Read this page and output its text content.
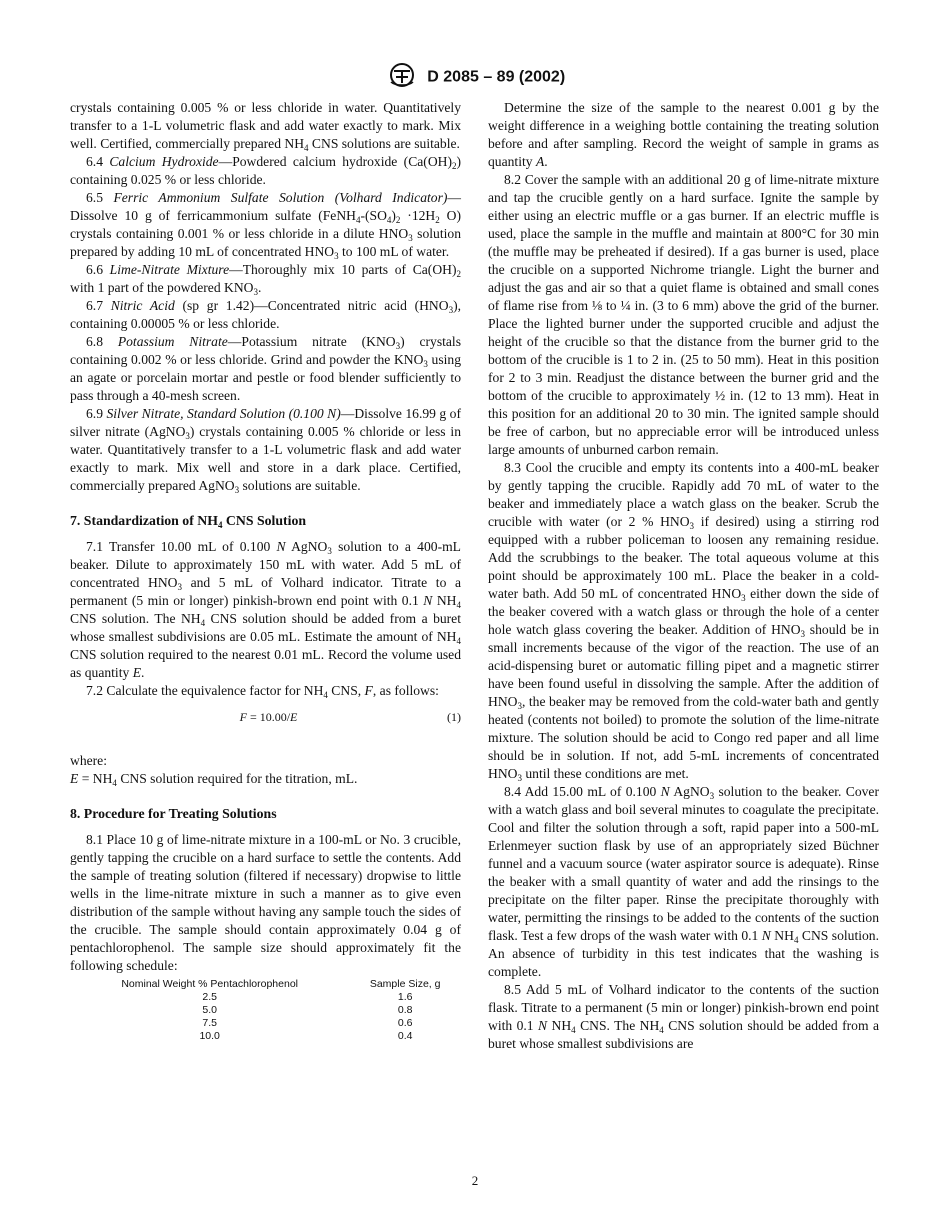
D 2085 – 89 (2002)

crystals containing 0.005 % or less chloride in water. Quantitatively transfer to a 1-L volumetric flask and add water exactly to mark. Mix well. Certified, commercially prepared $NH_4$ CNS solutions are suitable.

6.4 Calcium Hydroxide—Powdered calcium hydroxide $(Ca(OH)_2)$ containing 0.025 % or less chloride.

6.5 Ferric Ammonium Sulfate Solution (Volhard Indicator)—Dissolve 10 g of ferricammonium sulfate ($FeNH_4-(SO_4)_2 \cdot 12H_2$ O) crystals containing 0.001 % or less chloride in a dilute $HNO_3$ solution prepared by adding 10 mL of concentrated $HNO_3$ to 100 mL of water.

6.6 Lime-Nitrate Mixture—Thoroughly mix 10 parts of $Ca(OH)_2$ with 1 part of the powdered $KNO_3$.

6.7 Nitric Acid (sp gr 1.42)—Concentrated nitric acid $(HNO_3)$, containing 0.00005 % or less chloride.

6.8 Potassium Nitrate—Potassium nitrate $(KNO_3)$ crystals containing 0.002 % or less chloride. Grind and powder the $KNO_3$ using an agate or porcelain mortar and pestle or food blender sufficiently to pass through a 40-mesh screen.

6.9 Silver Nitrate, Standard Solution (0.100 N)—Dissolve 16.99 g of silver nitrate (AgNO$_3$) crystals containing 0.005 % chloride or less in water. Quantitatively transfer to a 1-L volumetric flask and add water exactly to mark. Mix well and store in a dark place. Certified, commercially prepared AgNO$_3$ solutions are suitable.

7. Standardization of $NH_4$ CNS Solution

7.1 Transfer 10.00 mL of 0.100 N AgNO$_3$ solution to a 400-mL beaker. Dilute to approximately 150 mL with water. Add 5 mL of concentrated $HNO_3$ and 5 mL of Volhard indicator. Titrate to a permanent (5 min or longer) pinkish-brown end point with 0.1 N $NH_4$ CNS solution. The $NH_4$ CNS solution should be added from a buret whose smallest subdivisions are 0.05 mL. Estimate the amount of $NH_4$ CNS solution required to the nearest 0.01 mL. Record the volume used as quantity E.

7.2 Calculate the equivalence factor for $NH_4$ CNS, F, as follows:

F = 10.00/E	(1)

where:

$E = NH_4$ CNS solution required for the titration, mL.

8. Procedure for Treating Solutions

8.1 Place 10 g of lime-nitrate mixture in a 100-mL or No. 3 crucible, gently tapping the crucible on a hard surface to settle the contents. Add the sample of treating solution (filtered if necessary) dropwise to little wells in the lime-nitrate mixture in such a manner as to give even distribution of the sample without having any sample touch the sides of the crucible. The sample should contain approximately 0.04 g of pentachlorophenol. The sample size should approximately fit the following schedule:

Nominal Weight % Pentachlorophenol	Sample Size, g
2.5	1.6
5.0	0.8
7.5	0.6
10.0	0.4

Determine the size of the sample to the nearest 0.001 g by the weight difference in a weighing bottle containing the treating solution before and after sampling. Record the weight of sample in grams as quantity A.

8.2 Cover the sample with an additional 20 g of lime-nitrate mixture and tap the crucible gently on a hard surface. Ignite the sample by either using an electric muffle or a gas burner. If an electric muffle is used, place the sample in the muffle and maintain at 800°C for 30 min (the muffle may be preheated if desired). If a gas burner is used, place the crucible on a supported Nichrome triangle. Light the burner and adjust the gas and air so that a quiet flame is obtained and small cones of flame rise from ⅛ to ¼ in. (3 to 6 mm) above the grid of the burner. Place the lighted burner under the supported crucible and adjust the height of the crucible so that the distance from the burner grid to the bottom of the crucible is 1 to 2 in. (25 to 50 mm). Heat in this position for 2 to 3 min. Readjust the distance between the burner grid and the bottom of the crucible to approximately ½ in. (12 to 13 mm). Heat in this position for an additional 20 to 30 min. The ignited sample should be free of carbon, but no appreciable error will be introduced unless large amounts of unburned carbon remain.

8.3 Cool the crucible and empty its contents into a 400-mL beaker by gently tapping the crucible. Rapidly add 70 mL of water to the beaker and immediately place a watch glass on the beaker. Scrub the crucible with water (or 2 % $HNO_3$ if desired) using a stirring rod equipped with a rubber policeman to loosen any remaining residue. Add the scrubbings to the beaker. The total aqueous volume at this point should be approximately 100 mL. Place the beaker in a cold-water bath. Add 50 mL of concentrated $HNO_3$ either down the side of the beaker covered with a watch glass or through the hole of a center hole watch glass covering the beaker. Addition of $HNO_3$ should be in small increments because of the vigor of the reaction. The use of an acid-dispensing buret or automatic filling pipet and a magnetic stirrer have been found useful in dissolving the sample. After the addition of $HNO_3$, the beaker may be removed from the cold-water bath and gently heated (contents not boiled) to promote the solution of the lime-nitrate mixture. The solution should be acid to Congo red paper and all lime should be in solution. If not, add 5-mL increments of concentrated $HNO_3$ until these conditions are met.

8.4 Add 15.00 mL of 0.100 N AgNO$_3$ solution to the beaker. Cover with a watch glass and boil several minutes to coagulate the precipitate. Cool and filter the solution through a soft, rapid paper into a 500-mL Erlenmeyer suction flask by use of an appropriately sized Büchner funnel and a vacuum source (water aspirator source is adequate). Rinse the beaker with a small quantity of water and add the rinsings to the precipitate on the filter paper. Rinse the precipitate thoroughly with water, permitting the rinsings to be added to the contents of the suction flask. Test a few drops of the wash water with 0.1 N $NH_4$ CNS solution. An absence of turbidity in this test indicates that the washing is complete.

8.5 Add 5 mL of Volhard indicator to the contents of the suction flask. Titrate to a permanent (5 min or longer) pinkish-brown end point with 0.1 N $NH_4$ CNS. The $NH_4$ CNS solution should be added from a buret whose smallest subdivisions are

2
